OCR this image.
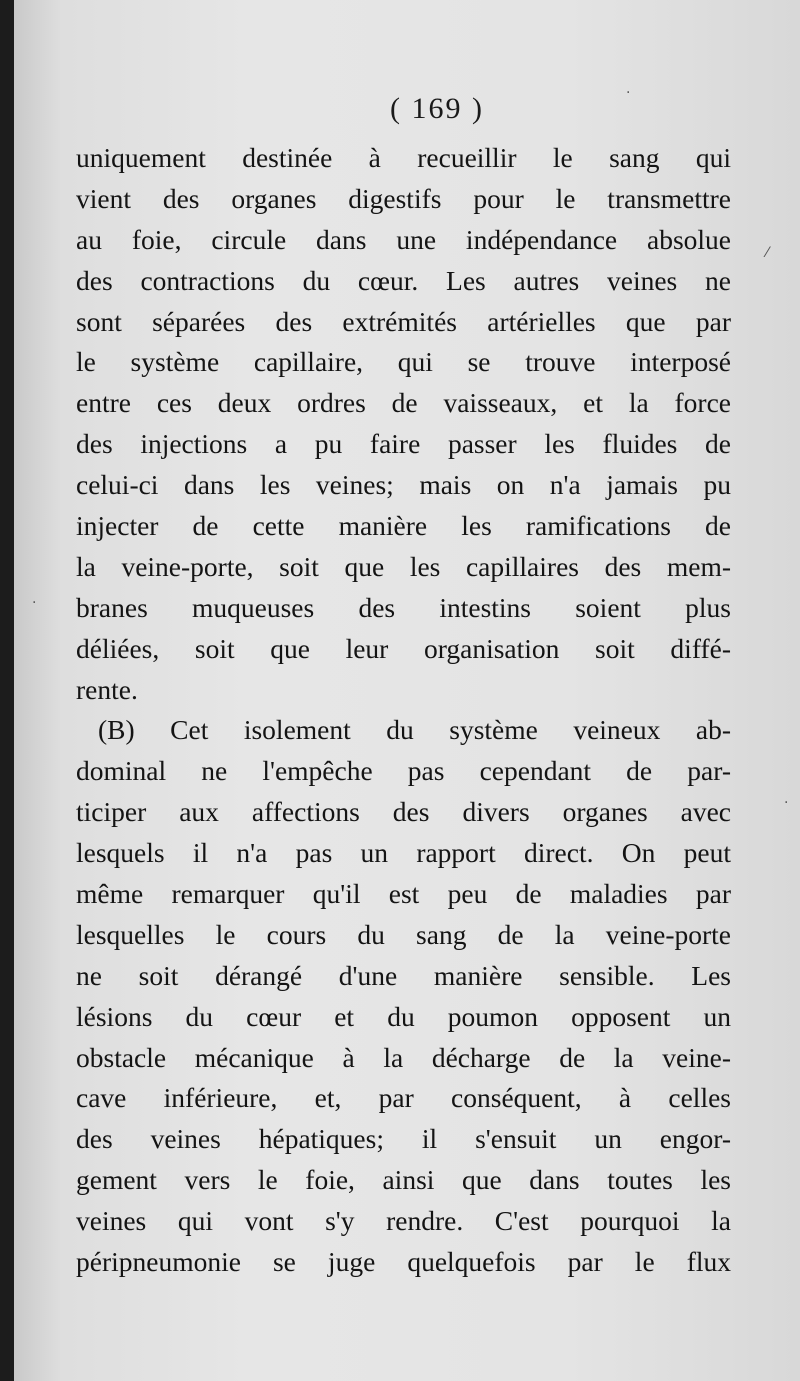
( 169 )
uniquement destinée à recueillir le sang qui
vient des organes digestifs pour le transmettre
au foie, circule dans une indépendance absolue
des contractions du cœur. Les autres veines ne
sont séparées des extrémités artérielles que par
le système capillaire, qui se trouve interposé
entre ces deux ordres de vaisseaux, et la force
des injections a pu faire passer les fluides de
celui-ci dans les veines; mais on n'a jamais pu
injecter de cette manière les ramifications de
la veine-porte, soit que les capillaires des mem-
branes muqueuses des intestins soient plus
déliées, soit que leur organisation soit diffé-
rente.
(B) Cet isolement du système veineux ab-
dominal ne l'empêche pas cependant de par-
ticiper aux affections des divers organes avec
lesquels il n'a pas un rapport direct. On peut
même remarquer qu'il est peu de maladies par
lesquelles le cours du sang de la veine-porte
ne soit dérangé d'une manière sensible. Les
lésions du cœur et du poumon opposent un
obstacle mécanique à la décharge de la veine-
cave inférieure, et, par conséquent, à celles
des veines hépatiques; il s'ensuit un engor-
gement vers le foie, ainsi que dans toutes les
veines qui vont s'y rendre. C'est pourquoi la
péripneumonie se juge quelquefois par le flux
⁄
·
·
·
